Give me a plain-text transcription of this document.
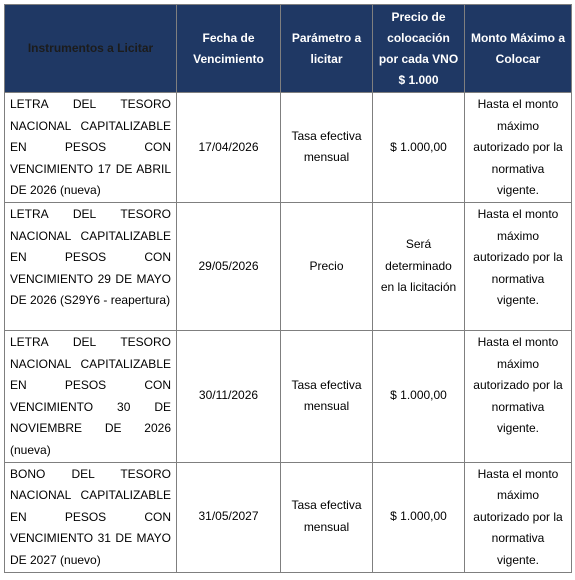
Instrumentos a Licitar	Fecha de Vencimiento	Parámetro a licitar	Precio de colocación por cada VNO $ 1.000	Monto Máximo a Colocar
LETRA DEL TESORO NACIONAL CAPITALIZABLE EN PESOS CON VENCIMIENTO 17 DE ABRIL DE 2026 (nueva)	17/04/2026	Tasa efectiva mensual	$ 1.000,00	Hasta el monto máximo autorizado por la normativa vigente.
LETRA DEL TESORO NACIONAL CAPITALIZABLE EN PESOS CON VENCIMIENTO 29 DE MAYO DE 2026 (S29Y6 - reapertura)	29/05/2026	Precio	Será determinado en la licitación	Hasta el monto máximo autorizado por la normativa vigente.
LETRA DEL TESORO NACIONAL CAPITALIZABLE EN PESOS CON VENCIMIENTO 30 DE NOVIEMBRE DE 2026 (nueva)	30/11/2026	Tasa efectiva mensual	$ 1.000,00	Hasta el monto máximo autorizado por la normativa vigente.
BONO DEL TESORO NACIONAL CAPITALIZABLE EN PESOS CON VENCIMIENTO 31 DE MAYO DE 2027 (nuevo)	31/05/2027	Tasa efectiva mensual	$ 1.000,00	Hasta el monto máximo autorizado por la normativa vigente.
